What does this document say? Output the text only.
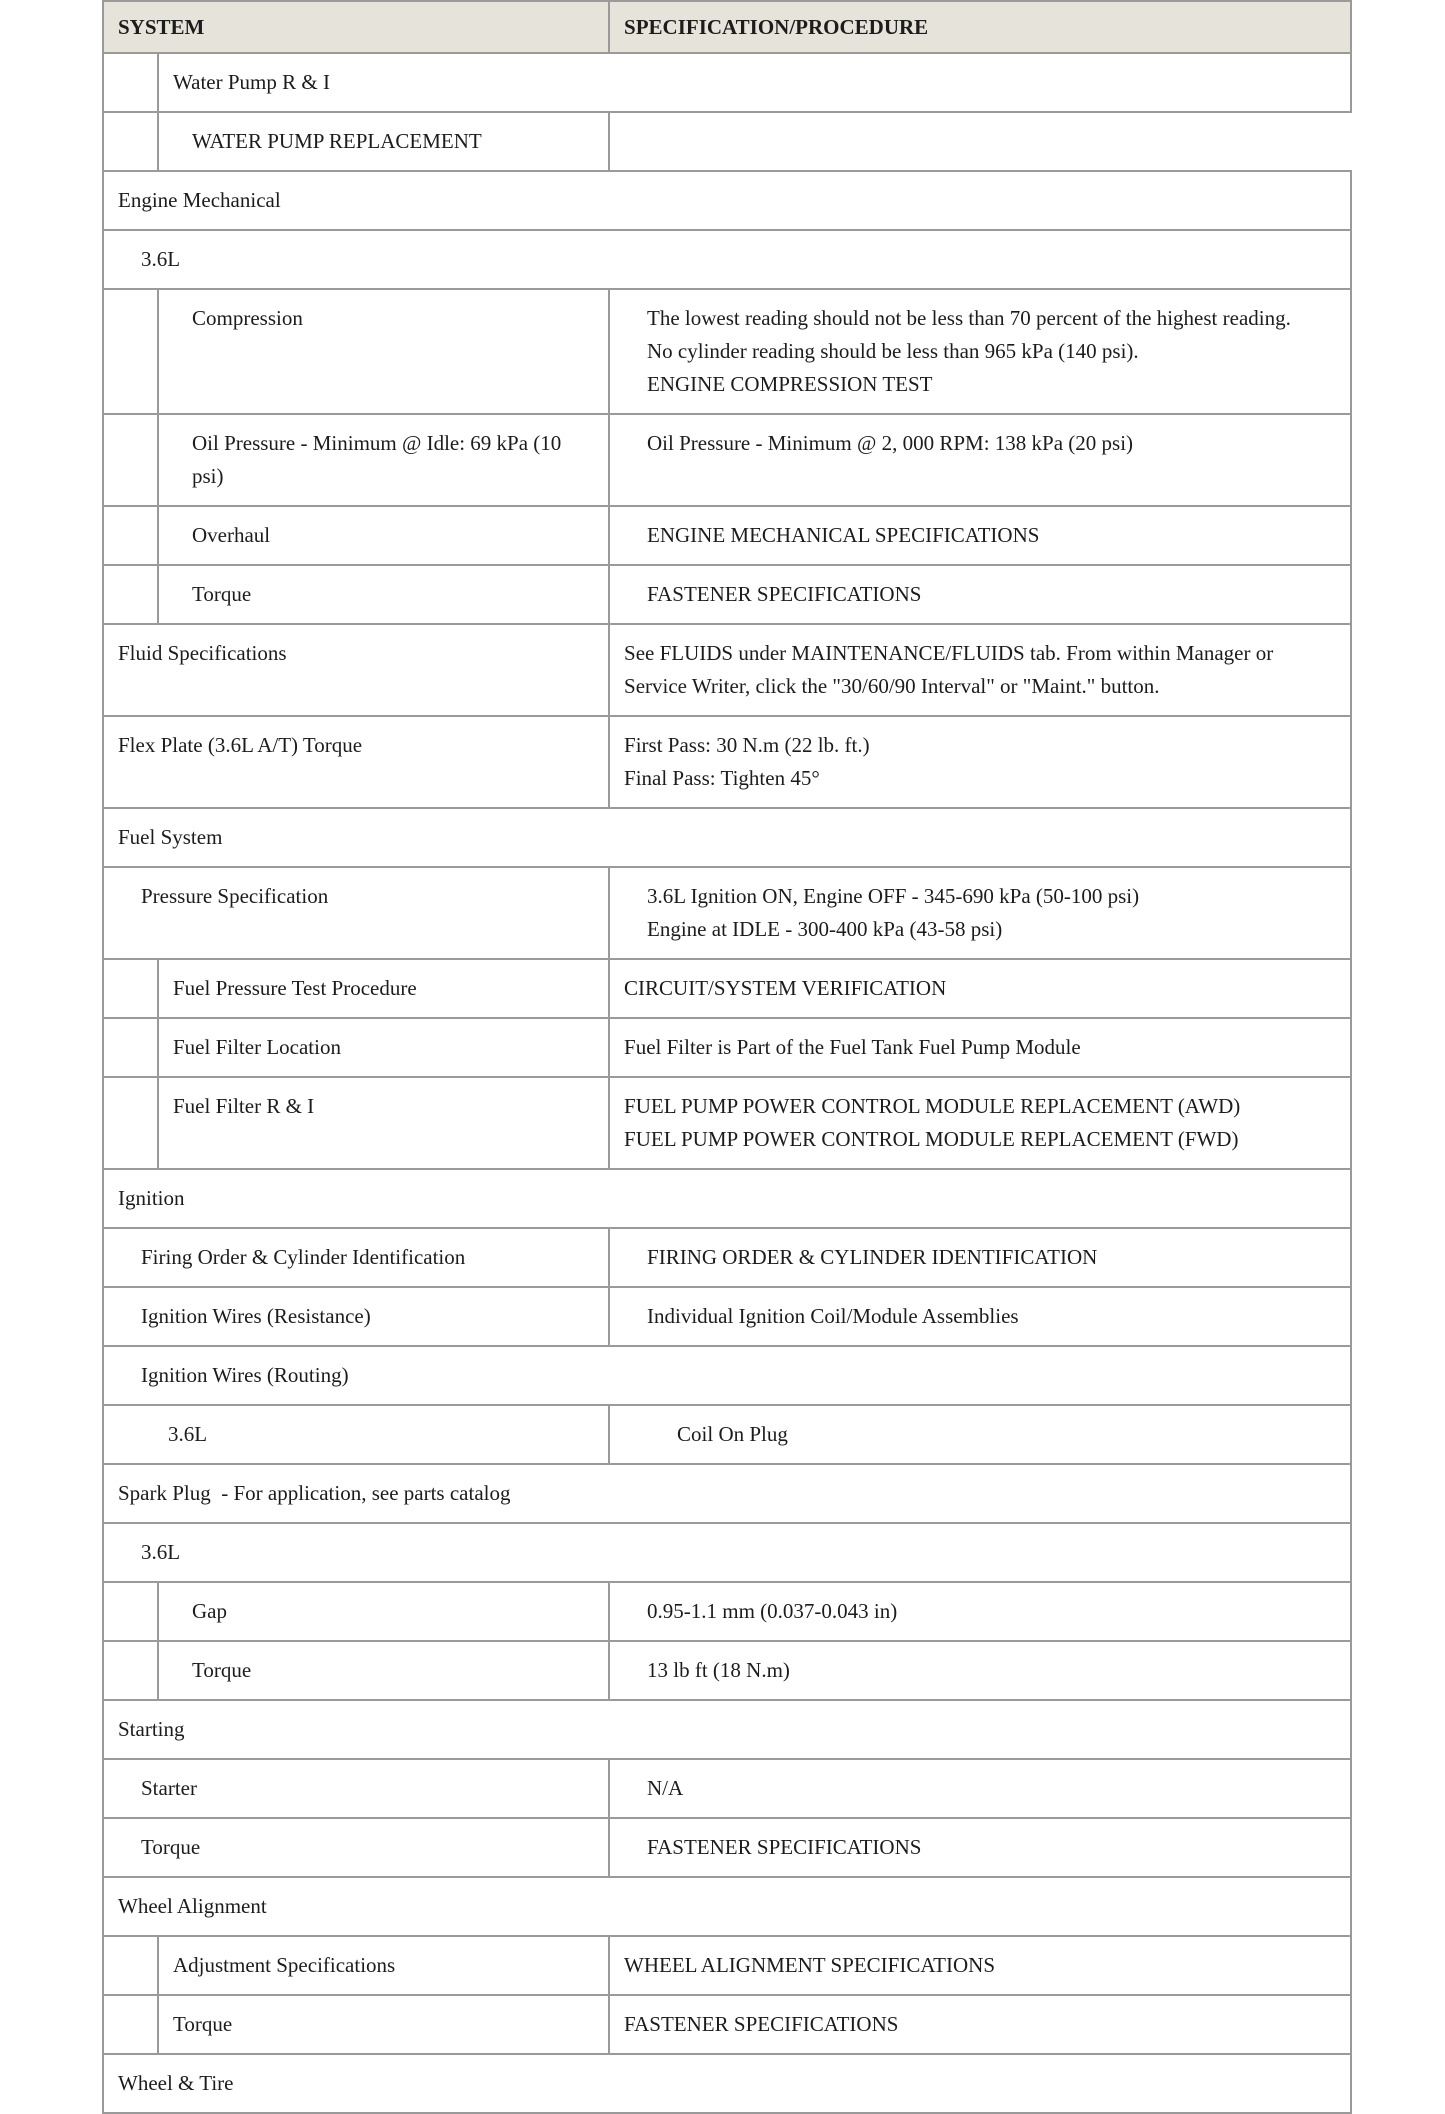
SYSTEM		SPECIFICATION/PROCEDURE

	Water Pump R & I	

	WATER PUMP REPLACEMENT	

Engine Mechanical		

3.6L		

	Compression	The lowest reading should not be less than 70 percent of the highest reading.
No cylinder reading should be less than 965 kPa (140 psi).
ENGINE COMPRESSION TEST

	Oil Pressure - Minimum @ Idle: 69 kPa (10 psi)	Oil Pressure - Minimum @ 2, 000 RPM: 138 kPa (20 psi)

	Overhaul	ENGINE MECHANICAL SPECIFICATIONS

	Torque	FASTENER SPECIFICATIONS

Fluid Specifications		See FLUIDS under MAINTENANCE/FLUIDS tab. From within Manager or Service Writer, click the "30/60/90 Interval" or "Maint." button.

Flex Plate (3.6L A/T) Torque		First Pass: 30 N.m (22 lb. ft.)
Final Pass: Tighten 45°

Fuel System		

Pressure Specification		3.6L Ignition ON, Engine OFF - 345-690 kPa (50-100 psi)
Engine at IDLE - 300-400 kPa (43-58 psi)

	Fuel Pressure Test Procedure	CIRCUIT/SYSTEM VERIFICATION

	Fuel Filter Location	Fuel Filter is Part of the Fuel Tank Fuel Pump Module

	Fuel Filter R & I	FUEL PUMP POWER CONTROL MODULE REPLACEMENT (AWD)
FUEL PUMP POWER CONTROL MODULE REPLACEMENT (FWD)

Ignition		

Firing Order & Cylinder Identification		FIRING ORDER & CYLINDER IDENTIFICATION

Ignition Wires (Resistance)		Individual Ignition Coil/Module Assemblies

Ignition Wires (Routing)		

3.6L		Coil On Plug

Spark Plug  - For application, see parts catalog		

3.6L		

	Gap	0.95-1.1 mm (0.037-0.043 in)

	Torque	13 lb ft (18 N.m)

Starting		

Starter		N/A

Torque		FASTENER SPECIFICATIONS

Wheel Alignment		

	Adjustment Specifications	WHEEL ALIGNMENT SPECIFICATIONS

	Torque	FASTENER SPECIFICATIONS

Wheel & Tire		
